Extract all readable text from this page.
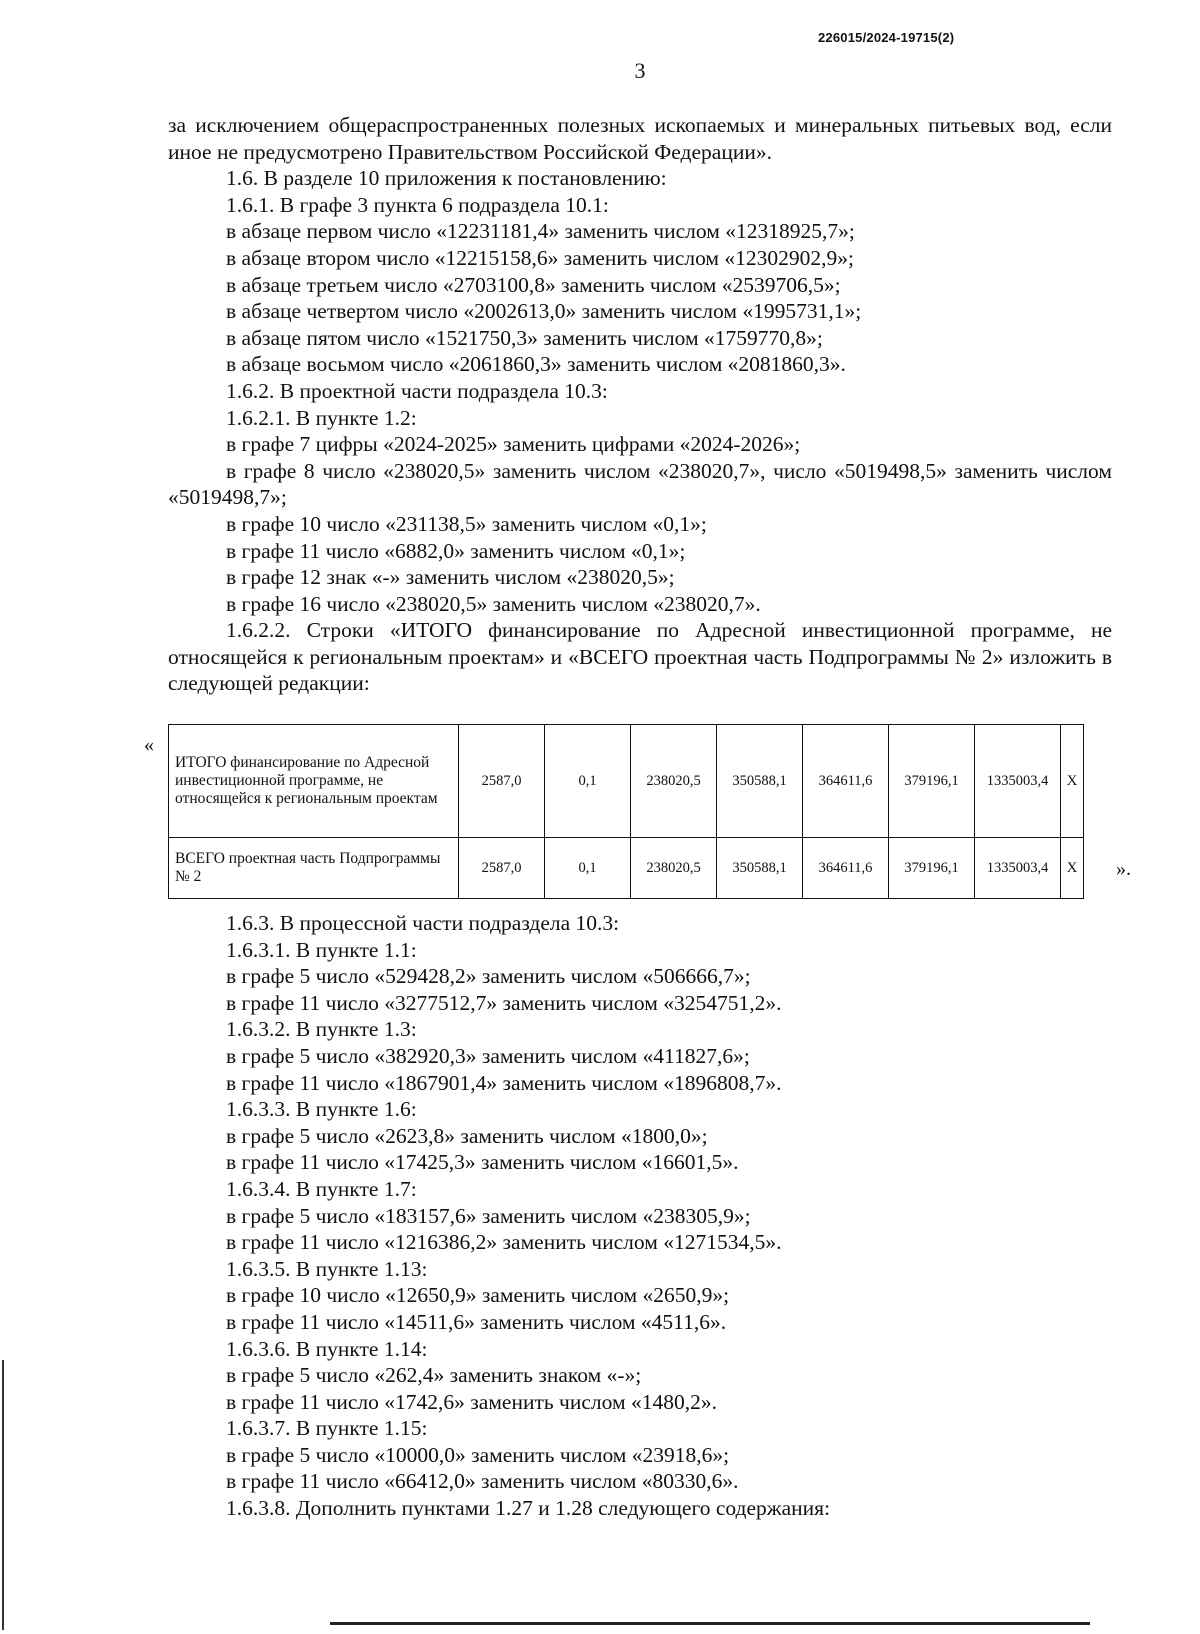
226015/2024-19715(2)
3

за исключением общераспространенных полезных ископаемых и минеральных питьевых вод, если иное не предусмотрено Правительством Российской Федерации».

1.6. В разделе 10 приложения к постановлению:

1.6.1. В графе 3 пункта 6 подраздела 10.1:

в абзаце первом число «12231181,4» заменить числом «12318925,7»;

в абзаце втором число «12215158,6» заменить числом «12302902,9»;

в абзаце третьем число «2703100,8» заменить числом «2539706,5»;

в абзаце четвертом число «2002613,0» заменить числом «1995731,1»;

в абзаце пятом число «1521750,3» заменить числом «1759770,8»;

в абзаце восьмом число «2061860,3» заменить числом «2081860,3».

1.6.2. В проектной части подраздела 10.3:

1.6.2.1. В пункте 1.2:

в графе 7 цифры «2024-2025» заменить цифрами «2024-2026»;

в графе 8 число «238020,5» заменить числом «238020,7», число «5019498,5» заменить числом «5019498,7»;

в графе 10 число «231138,5» заменить числом «0,1»;

в графе 11 число «6882,0» заменить числом «0,1»;

в графе 12 знак «-» заменить числом «238020,5»;

в графе 16 число «238020,5» заменить числом «238020,7».

1.6.2.2. Строки «ИТОГО финансирование по Адресной инвестиционной программе, не относящейся к региональным проектам» и «ВСЕГО проектная часть Подпрограммы № 2» изложить в следующей редакции:

«
ИТОГО финансирование по Адресной инвестиционной программе, не относящейся к региональным проектам	2587,0	0,1	238020,5	350588,1	364611,6	379196,1	1335003,4	Х
ВСЕГО проектная часть Подпрограммы № 2	2587,0	0,1	238020,5	350588,1	364611,6	379196,1	1335003,4	Х ».

1.6.3. В процессной части подраздела 10.3:

1.6.3.1. В пункте 1.1:

в графе 5 число «529428,2» заменить числом «506666,7»;

в графе 11 число «3277512,7» заменить числом «3254751,2».

1.6.3.2. В пункте 1.3:

в графе 5 число «382920,3» заменить числом «411827,6»;

в графе 11 число «1867901,4» заменить числом «1896808,7».

1.6.3.3. В пункте 1.6:

в графе 5 число «2623,8» заменить числом «1800,0»;

в графе 11 число «17425,3» заменить числом «16601,5».

1.6.3.4. В пункте 1.7:

в графе 5 число «183157,6» заменить числом «238305,9»;

в графе 11 число «1216386,2» заменить числом «1271534,5».

1.6.3.5. В пункте 1.13:

в графе 10 число «12650,9» заменить числом «2650,9»;

в графе 11 число «14511,6» заменить числом «4511,6».

1.6.3.6. В пункте 1.14:

в графе 5 число «262,4» заменить знаком «-»;

в графе 11 число «1742,6» заменить числом «1480,2».

1.6.3.7. В пункте 1.15:

в графе 5 число «10000,0» заменить числом «23918,6»;

в графе 11 число «66412,0» заменить числом «80330,6».

1.6.3.8. Дополнить пунктами 1.27 и 1.28 следующего содержания:
